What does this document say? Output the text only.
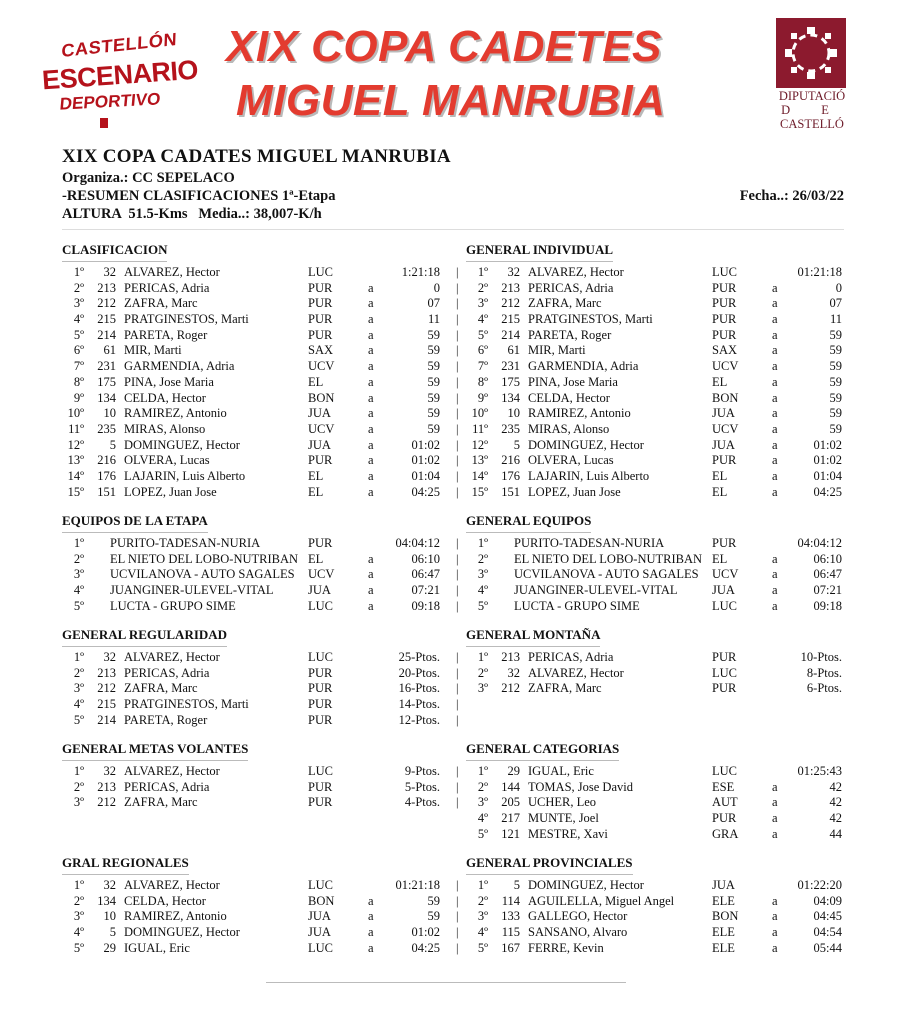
CASTELLÓN
ESCENARIO
DEPORTIVO
XIX COPA CADETES
MIGUEL MANRUBIA	DIPUTACIÓ
D E
CASTELLÓ
XIX COPA CADATES MIGUEL MANRUBIA
Organiza.: CC SEPELACO
-RESUMEN CLASIFICACIONES 1ª-Etapa
ALTURA  51.5-Kms   Media..: 38,007-K/h
Fecha..: 26/03/22
CLASIFICACION
1º	32 ALVAREZ, Hector	LUC	1:21:18 |
2º	213 PERICAS, Adria	PUR	a	0 |
3º	212 ZAFRA, Marc	PUR	a	07 |
4º	215 PRATGINESTOS, Marti	PUR	a	11 |
5º	214 PARETA, Roger	PUR	a	59 |
6º	61 MIR, Marti	SAX	a	59 |
7º	231 GARMENDIA, Adria	UCV	a	59 |
8º	175 PINA, Jose Maria	EL	a	59 |
9º	134 CELDA, Hector	BON	a	59 |
10º	10 RAMIREZ, Antonio	JUA	a	59 |
11º	235 MIRAS, Alonso	UCV	a	59 |
12º	5 DOMINGUEZ, Hector	JUA	a	01:02 |
13º	216 OLVERA, Lucas	PUR	a	01:02 |
14º	176 LAJARIN, Luis Alberto	EL	a	01:04 |
15º	151 LOPEZ, Juan Jose	EL	a	04:25 |
GENERAL INDIVIDUAL
1º	32 ALVAREZ, Hector	LUC	01:21:18
2º	213 PERICAS, Adria	PUR	a	0
3º	212 ZAFRA, Marc	PUR	a	07
4º	215 PRATGINESTOS, Marti	PUR	a	11
5º	214 PARETA, Roger	PUR	a	59
6º	61 MIR, Marti	SAX	a	59
7º	231 GARMENDIA, Adria	UCV	a	59
8º	175 PINA, Jose Maria	EL	a	59
9º	134 CELDA, Hector	BON	a	59
10º	10 RAMIREZ, Antonio	JUA	a	59
11º	235 MIRAS, Alonso	UCV	a	59
12º	5 DOMINGUEZ, Hector	JUA	a	01:02
13º	216 OLVERA, Lucas	PUR	a	01:02
14º	176 LAJARIN, Luis Alberto	EL	a	01:04
15º	151 LOPEZ, Juan Jose	EL	a	04:25
EQUIPOS DE LA ETAPA
1º PURITO-TADESAN-NURIA	PUR	04:04:12 |
2º EL NIETO DEL LOBO-NUTRIBAN EL	a	06:10 |
3º UCVILANOVA - AUTO SAGALES UCV	a	06:47 |
4º JUANGINER-ULEVEL-VITAL	JUA	a	07:21 |
5º LUCTA - GRUPO SIME	LUC	a	09:18 |
GENERAL EQUIPOS
1º PURITO-TADESAN-NURIA	PUR	04:04:12
2º EL NIETO DEL LOBO-NUTRIBAN EL	a	06:10
3º UCVILANOVA - AUTO SAGALES UCV	a	06:47
4º JUANGINER-ULEVEL-VITAL	JUA	a	07:21
5º LUCTA - GRUPO SIME	LUC	a	09:18
GENERAL REGULARIDAD
1º	32 ALVAREZ, Hector	LUC	25-Ptos. |
2º	213 PERICAS, Adria	PUR	20-Ptos. |
3º	212 ZAFRA, Marc	PUR	16-Ptos. |
4º	215 PRATGINESTOS, Marti	PUR	14-Ptos. |
5º	214 PARETA, Roger	PUR	12-Ptos. |
GENERAL MONTAÑA
1º	213 PERICAS, Adria	PUR	10-Ptos.
2º	32 ALVAREZ, Hector	LUC	8-Ptos.
3º	212 ZAFRA, Marc	PUR	6-Ptos.
GENERAL METAS VOLANTES
1º	32 ALVAREZ, Hector	LUC	9-Ptos. |
2º	213 PERICAS, Adria	PUR	5-Ptos. |
3º	212 ZAFRA, Marc	PUR	4-Ptos. |
GENERAL CATEGORIAS
1º	29 IGUAL, Eric	LUC	01:25:43
2º	144 TOMAS, Jose David	ESE	a	42
3º	205 UCHER, Leo	AUT	a	42
4º	217 MUNTE, Joel	PUR	a	42
5º	121 MESTRE, Xavi	GRA	a	44
GRAL REGIONALES
1º	32 ALVAREZ, Hector	LUC	01:21:18 |
2º	134 CELDA, Hector	BON	a	59 |
3º	10 RAMIREZ, Antonio	JUA	a	59 |
4º	5 DOMINGUEZ, Hector	JUA	a	01:02 |
5º	29 IGUAL, Eric	LUC	a	04:25 |
GENERAL PROVINCIALES
1º	5 DOMINGUEZ, Hector	JUA	01:22:20
2º	114 AGUILELLA, Miguel Angel	ELE	a	04:09
3º	133 GALLEGO, Hector	BON	a	04:45
4º	115 SANSANO, Alvaro	ELE	a	04:54
5º	167 FERRE, Kevin	ELE	a	05:44
